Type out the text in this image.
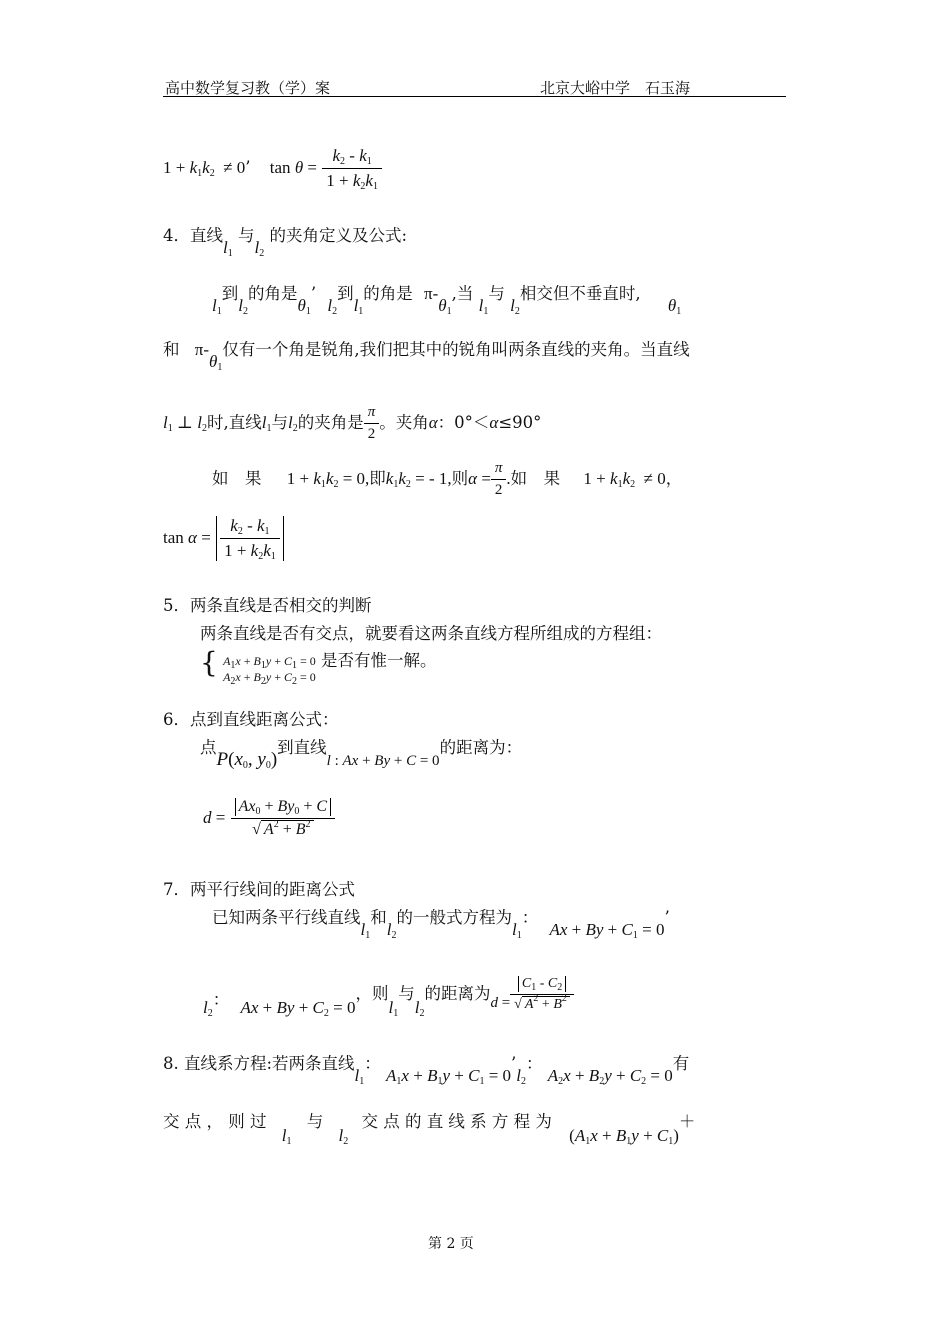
高中数学复习教（学）案	北京大峪中学　石玉海
1 + k1k2  ≠ 0’ $\tan \theta = \frac{k2 - k1}{1 + k2k1}$
4．直线l1 与l2 的夹角定义及公式:
l1到l2的角是θ1’ l2到l1的角是 π-θ1,当 l1与 l2相交但不垂直时, θ1
和 π-θ1仅有一个角是锐角,我们把其中的锐角叫两条直线的夹角。当直线
l1 ⊥ l2时,直线l1与l2的夹角是 $\frac{\pi}{2}$ 。夹角α：0°＜α≤90°
如　果 1 + k1k2 = 0,即k1k2 = - 1,则$\alpha = \frac{\pi}{2}$ .如　果 1 + k1k2  ≠ 0，
$\tan \alpha = \frac{k2 - k1}{1 + k2k1}$
5．两条直线是否相交的判断
两条直线是否有交点，就要看这两条直线方程所组成的方程组：
{ $A_1x + B_1y + C_1 = 0$
$A_2x + B_2y + C_2 = 0$ 是否有惟一解。
6．点到直线距离公式：
点P(x0, y0)到直线l : Ax + By + C = 0的距离为：
$d = \frac{Ax0 + By0 + C}{√ A^2 + B^2}$
7．两平行线间的距离公式
已知两条平行线直线l1和l2的一般式方程为l1： Ax + By + C1 = 0’
l2： Ax + By + C2 = 0，则l1与l2的距离为$d = \frac{C_1 - C_2}{√ A^2 + B^2}$
8. 直线系方程:若两条直线l1： A1x + B1y + C1 = 0’l2： A2x + B2y + C2 = 0有
交 点 ， 则 过 l1 与 l2 交 点 的 直 线 系 方 程 为 (A1x + B1y + C1)＋
第 2 页
